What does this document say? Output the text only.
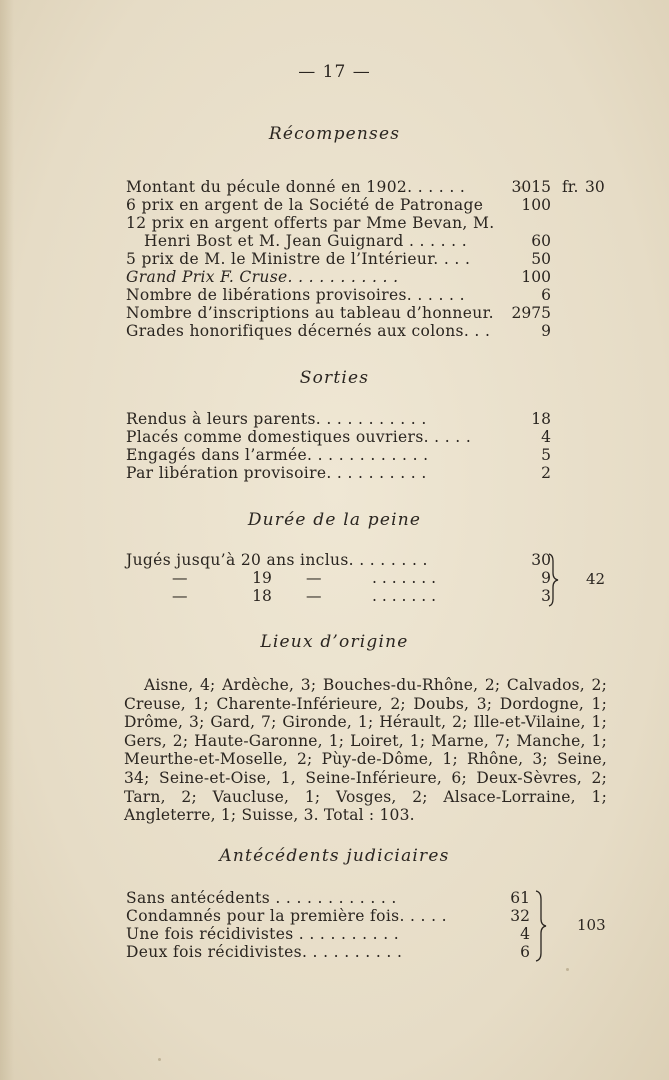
— 17 —
Récompenses
Montant du pécule donné en 1902. . . . . .	3015 fr. 30
6 prix en argent de la Société de Patronage 100
12 prix en argent offerts par Mme Bevan, M.
Henri Bost et M. Jean Guignard . . . . . .	60
5 prix de M. le Ministre de l’Intérieur. . . .	50
Grand Prix F. Cruse. . . . . . . . . . .	100
Nombre de libérations provisoires. . . . . .	6
Nombre d’inscriptions au tableau d’honneur. 2975
Grades honorifiques décernés aux colons. . .	9
Sorties
Rendus à leurs parents. . . . . . . . . . .	18
Placés comme domestiques ouvriers. . . . .	4
Engagés dans l’armée. . . . . . . . . . . .	5
Par libération provisoire. . . . . . . . . .	2
Durée de la peine
Jugés jusqu’à 20 ans inclus. . . . . . . .	30
—	19	—	. . . . . . .	9
—	18	—	. . . . . . .	3
42
Lieux d’origine
Aisne, 4; Ardèche, 3; Bouches-du-Rhône, 2; Calvados, 2; Creuse, 1; Charente-Inférieure, 2; Doubs, 3; Dordogne, 1; Drôme, 3; Gard, 7; Gironde, 1; Hérault, 2; Ille-et-Vilaine, 1; Gers, 2; Haute-Garonne, 1; Loiret, 1; Marne, 7; Manche, 1; Meurthe-et-Moselle, 2; Pùy-de-Dôme, 1; Rhône, 3; Seine, 34; Seine-et-Oise, 1, Seine-Inférieure, 6; Deux-Sèvres, 2; Tarn, 2; Vaucluse, 1; Vosges, 2; Alsace-Lorraine, 1; Angleterre, 1; Suisse, 3. Total : 103.
Antécédents judiciaires
Sans antécédents . . . . . . . . . . . .	61
Condamnés pour la première fois. . . . .	32
Une fois récidivistes . . . . . . . . . .	4
Deux fois récidivistes. . . . . . . . . .	6
103
